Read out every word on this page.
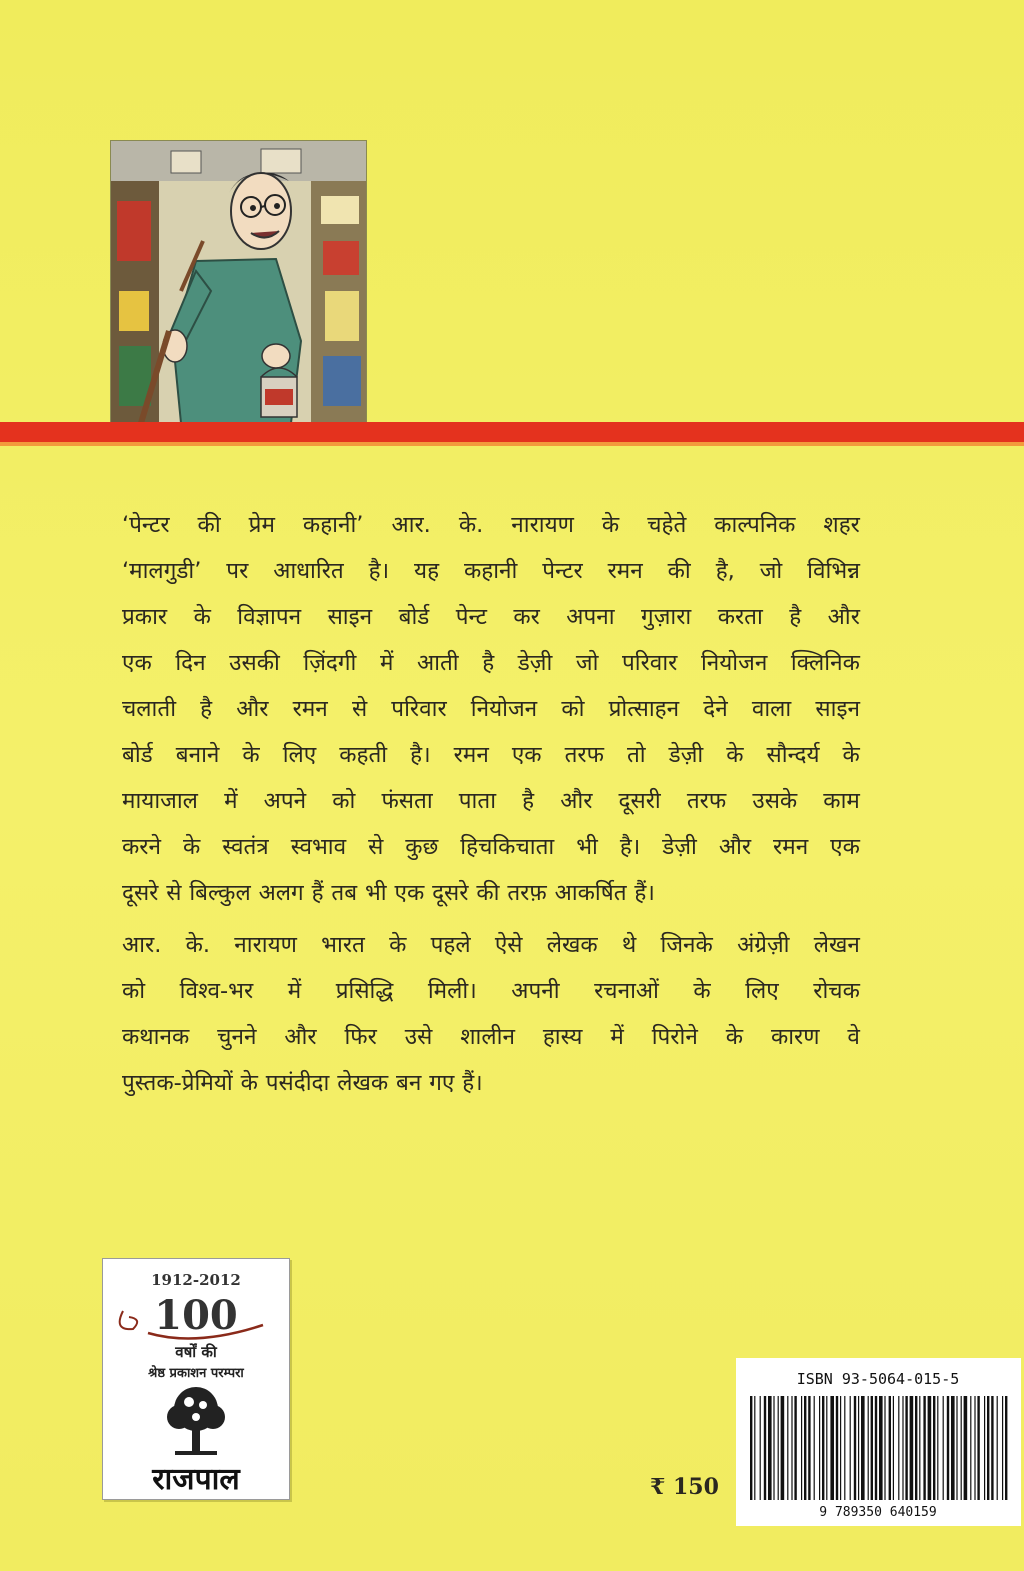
‘पेन्टर की प्रेम कहानी’ आर. के. नारायण के चहेते काल्पनिक शहर
‘मालगुडी’ पर आधारित है। यह कहानी पेन्टर रमन की है, जो विभिन्न
प्रकार के विज्ञापन साइन बोर्ड पेन्ट कर अपना गुज़ारा करता है और
एक दिन उसकी ज़िंदगी में आती है डेज़ी जो परिवार नियोजन क्लिनिक
चलाती है और रमन से परिवार नियोजन को प्रोत्साहन देने वाला साइन
बोर्ड बनाने के लिए कहती है। रमन एक तरफ तो डेज़ी के सौन्दर्य के
मायाजाल में अपने को फंसता पाता है और दूसरी तरफ उसके काम
करने के स्वतंत्र स्वभाव से कुछ हिचकिचाता भी है। डेज़ी और रमन एक
दूसरे से बिल्कुल अलग हैं तब भी एक दूसरे की तरफ़ आकर्षित हैं।
आर. के. नारायण भारत के पहले ऐसे लेखक थे जिनके अंग्रेज़ी लेखन
को विश्व-भर में प्रसिद्धि मिली। अपनी रचनाओं के लिए रोचक
कथानक चुनने और फिर उसे शालीन हास्य में पिरोने के कारण वे
पुस्तक-प्रेमियों के पसंदीदा लेखक बन गए हैं।
1912-2012
100
वर्षों की
श्रेष्ठ प्रकाशन परम्परा
राजपाल	₹ 150
ISBN 93-5064-015-5
9 789350 640159
